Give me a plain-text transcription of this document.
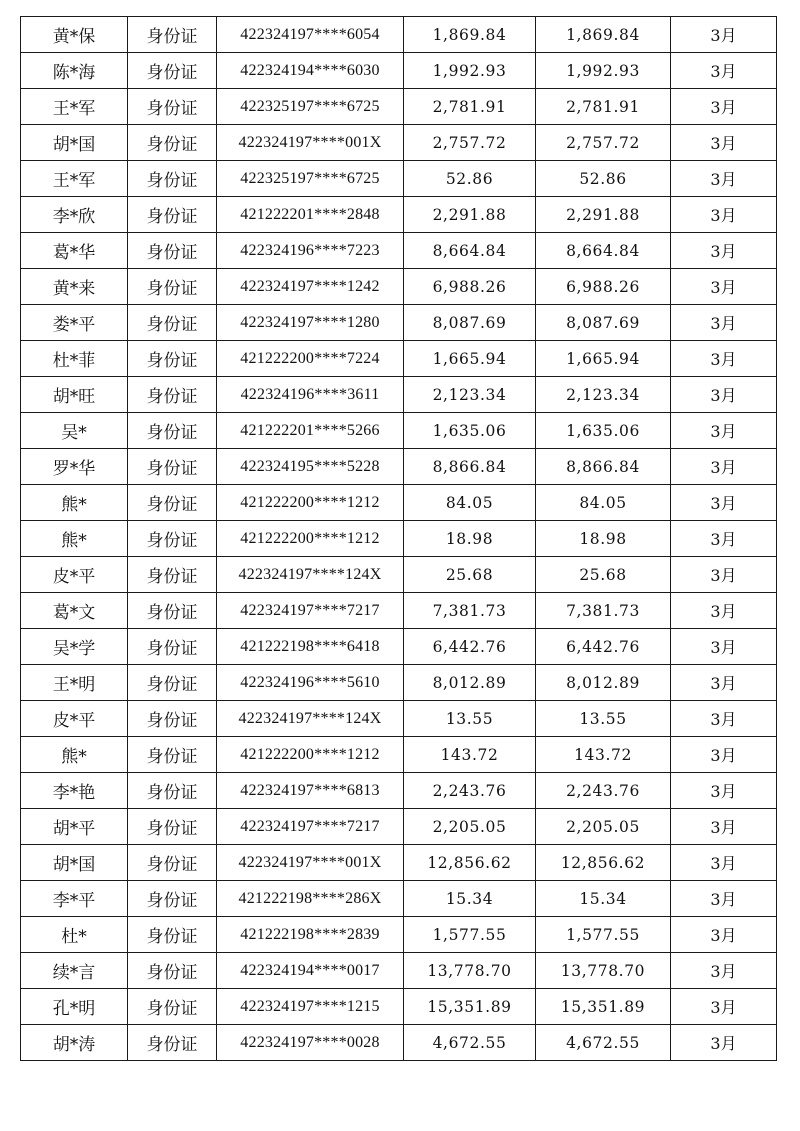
黄*保	身份证	422324197****6054	1,869.84	1,869.84	3月
陈*海	身份证	422324194****6030	1,992.93	1,992.93	3月
王*军	身份证	422325197****6725	2,781.91	2,781.91	3月
胡*国	身份证	422324197****001X	2,757.72	2,757.72	3月
王*军	身份证	422325197****6725	52.86	52.86	3月
李*欣	身份证	421222201****2848	2,291.88	2,291.88	3月
葛*华	身份证	422324196****7223	8,664.84	8,664.84	3月
黄*来	身份证	422324197****1242	6,988.26	6,988.26	3月
娄*平	身份证	422324197****1280	8,087.69	8,087.69	3月
杜*菲	身份证	421222200****7224	1,665.94	1,665.94	3月
胡*旺	身份证	422324196****3611	2,123.34	2,123.34	3月
吴*	身份证	421222201****5266	1,635.06	1,635.06	3月
罗*华	身份证	422324195****5228	8,866.84	8,866.84	3月
熊*	身份证	421222200****1212	84.05	84.05	3月
熊*	身份证	421222200****1212	18.98	18.98	3月
皮*平	身份证	422324197****124X	25.68	25.68	3月
葛*文	身份证	422324197****7217	7,381.73	7,381.73	3月
吴*学	身份证	421222198****6418	6,442.76	6,442.76	3月
王*明	身份证	422324196****5610	8,012.89	8,012.89	3月
皮*平	身份证	422324197****124X	13.55	13.55	3月
熊*	身份证	421222200****1212	143.72	143.72	3月
李*艳	身份证	422324197****6813	2,243.76	2,243.76	3月
胡*平	身份证	422324197****7217	2,205.05	2,205.05	3月
胡*国	身份证	422324197****001X	12,856.62	12,856.62	3月
李*平	身份证	421222198****286X	15.34	15.34	3月
杜*	身份证	421222198****2839	1,577.55	1,577.55	3月
续*言	身份证	422324194****0017	13,778.70	13,778.70	3月
孔*明	身份证	422324197****1215	15,351.89	15,351.89	3月
胡*涛	身份证	422324197****0028	4,672.55	4,672.55	3月
